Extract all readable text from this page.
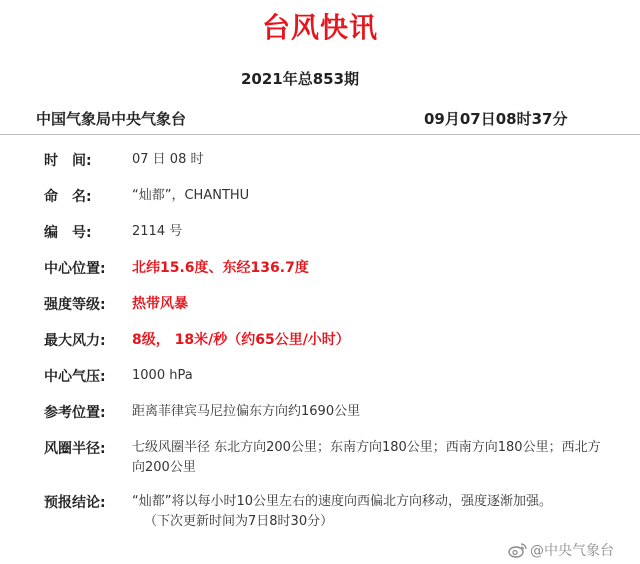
台风快讯
2021年总853期
中国气象局中央气象台	09月07日08时37分
时　间:	07 日 08 时
命　名:	“灿都”，CHANTHU
编　号:	2114 号
中心位置:	北纬15.6度、东经136.7度
强度等级:	热带风暴
最大风力:	8级， 18米/秒（约65公里/小时）
中心气压:	1000 hPa
参考位置:	距离菲律宾马尼拉偏东方向约1690公里
风圈半径:	七级风圈半径 东北方向200公里；东南方向180公里；西南方向180公里；西北方向200公里
预报结论:	“灿都”将以每小时10公里左右的速度向西偏北方向移动，强度逐渐加强。
（下次更新时间为7日8时30分）
@中央气象台
